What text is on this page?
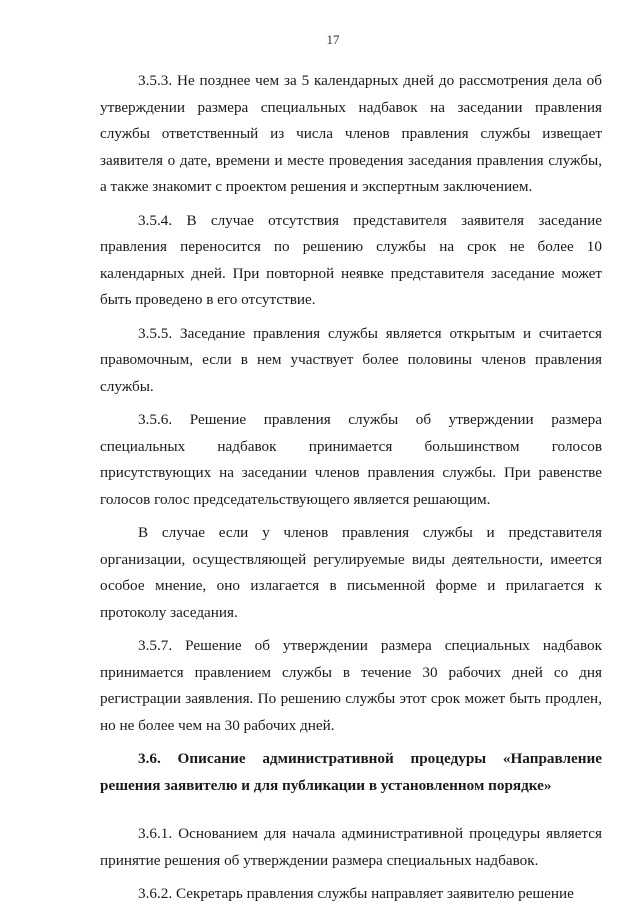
17

3.5.3. Не позднее чем за 5 календарных дней до рассмотрения дела об утверждении размера специальных надбавок на заседании правления службы ответственный из числа членов правления службы извещает заявителя о дате, времени и месте проведения заседания правления службы, а также знакомит с проектом решения и экспертным заключением.

3.5.4. В случае отсутствия представителя заявителя заседание правления переносится по решению службы на срок не более 10 календарных дней. При повторной неявке представителя заседание может быть проведено в его отсутствие.

3.5.5. Заседание правления службы является открытым и считается правомочным, если в нем участвует более половины членов правления службы.

3.5.6. Решение правления службы об утверждении размера специальных надбавок принимается большинством голосов присутствующих на заседании членов правления службы. При равенстве голосов голос председательствующего является решающим.

В случае если у членов правления службы и представителя организации, осуществляющей регулируемые виды деятельности, имеется особое мнение, оно излагается в письменной форме и прилагается к протоколу заседания.

3.5.7. Решение об утверждении размера специальных надбавок принимается правлением службы в течение 30 рабочих дней со дня регистрации заявления. По решению службы этот срок может быть продлен, но не более чем на 30 рабочих дней.

3.6. Описание административной процедуры «Направление решения заявителю и для публикации в установленном порядке»

3.6.1. Основанием для начала административной процедуры является принятие решения об утверждении размера специальных надбавок.

3.6.2. Секретарь правления службы направляет заявителю решение
